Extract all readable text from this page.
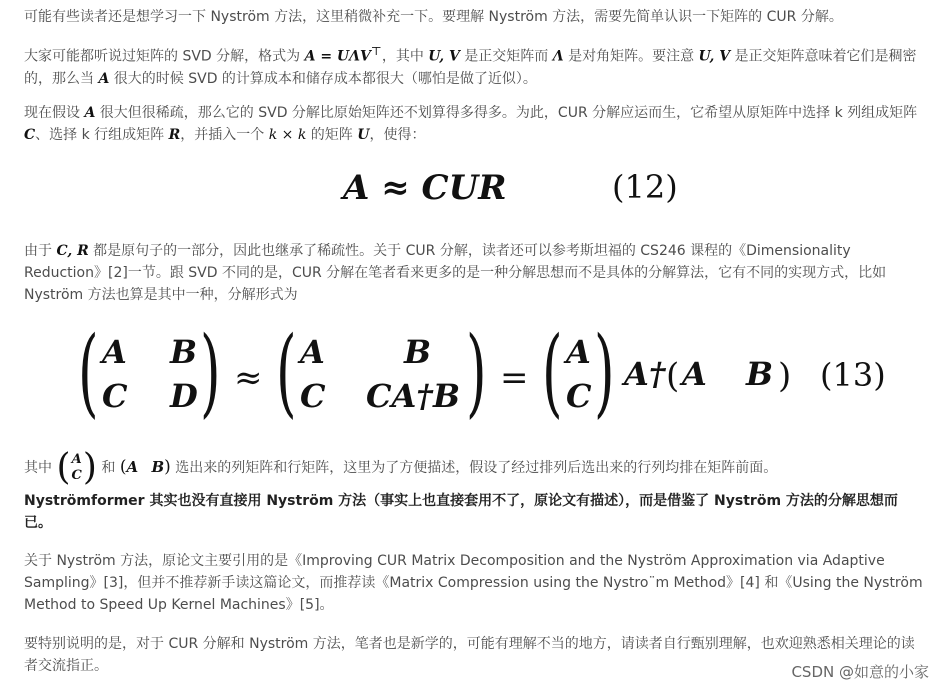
可能有些读者还是想学习一下 Nyström 方法，这里稍微补充一下。要理解 Nyström 方法，需要先简单认识一下矩阵的 CUR 分解。

大家可能都听说过矩阵的 SVD 分解，格式为 A = UΛV⊤，其中 U, V 是正交矩阵而 Λ 是对角矩阵。要注意 U, V 是正交矩阵意味着它们是稠密的，那么当 A 很大的时候 SVD 的计算成本和储存成本都很大（哪怕是做了近似）。

现在假设 A 很大但很稀疏，那么它的 SVD 分解比原始矩阵还不划算得多得多。为此，CUR 分解应运而生，它希望从原矩阵中选择 k 列组成矩阵 C、选择 k 行组成矩阵 R，并插入一个 k × k 的矩阵 U，使得：

A ≈ CUR	(12)

由于 C, R 都是原句子的一部分，因此也继承了稀疏性。关于 CUR 分解，读者还可以参考斯坦福的 CS246 课程的《Dimensionality Reduction》[2]一节。跟 SVD 不同的是，CUR 分解在笔者看来更多的是一种分解思想而不是具体的分解算法，它有不同的实现方式，比如 Nyström 方法也算是其中一种，分解形式为

( A B
C D ) ≈ ( A B
C CA†B ) = ( A
C ) A† ( A B ) (13)

其中 ( A
C ) 和 (A B) 选出来的列矩阵和行矩阵，这里为了方便描述，假设了经过排列后选出来的行列均排在矩阵前面。

Nyströmformer 其实也没有直接用 Nyström 方法（事实上也直接套用不了，原论文有描述），而是借鉴了 Nyström 方法的分解思想而已。

关于 Nyström 方法，原论文主要引用的是《Improving CUR Matrix Decomposition and the Nyström Approximation via Adaptive Sampling》[3]，但并不推荐新手读这篇论文，而推荐读《Matrix Compression using the Nystro¨m Method》[4] 和《Using the Nyström Method to Speed Up Kernel Machines》[5]。

要特别说明的是，对于 CUR 分解和 Nyström 方法，笔者也是新学的，可能有理解不当的地方，请读者自行甄别理解，也欢迎熟悉相关理论的读者交流指正。	CSDN @如意的小家
